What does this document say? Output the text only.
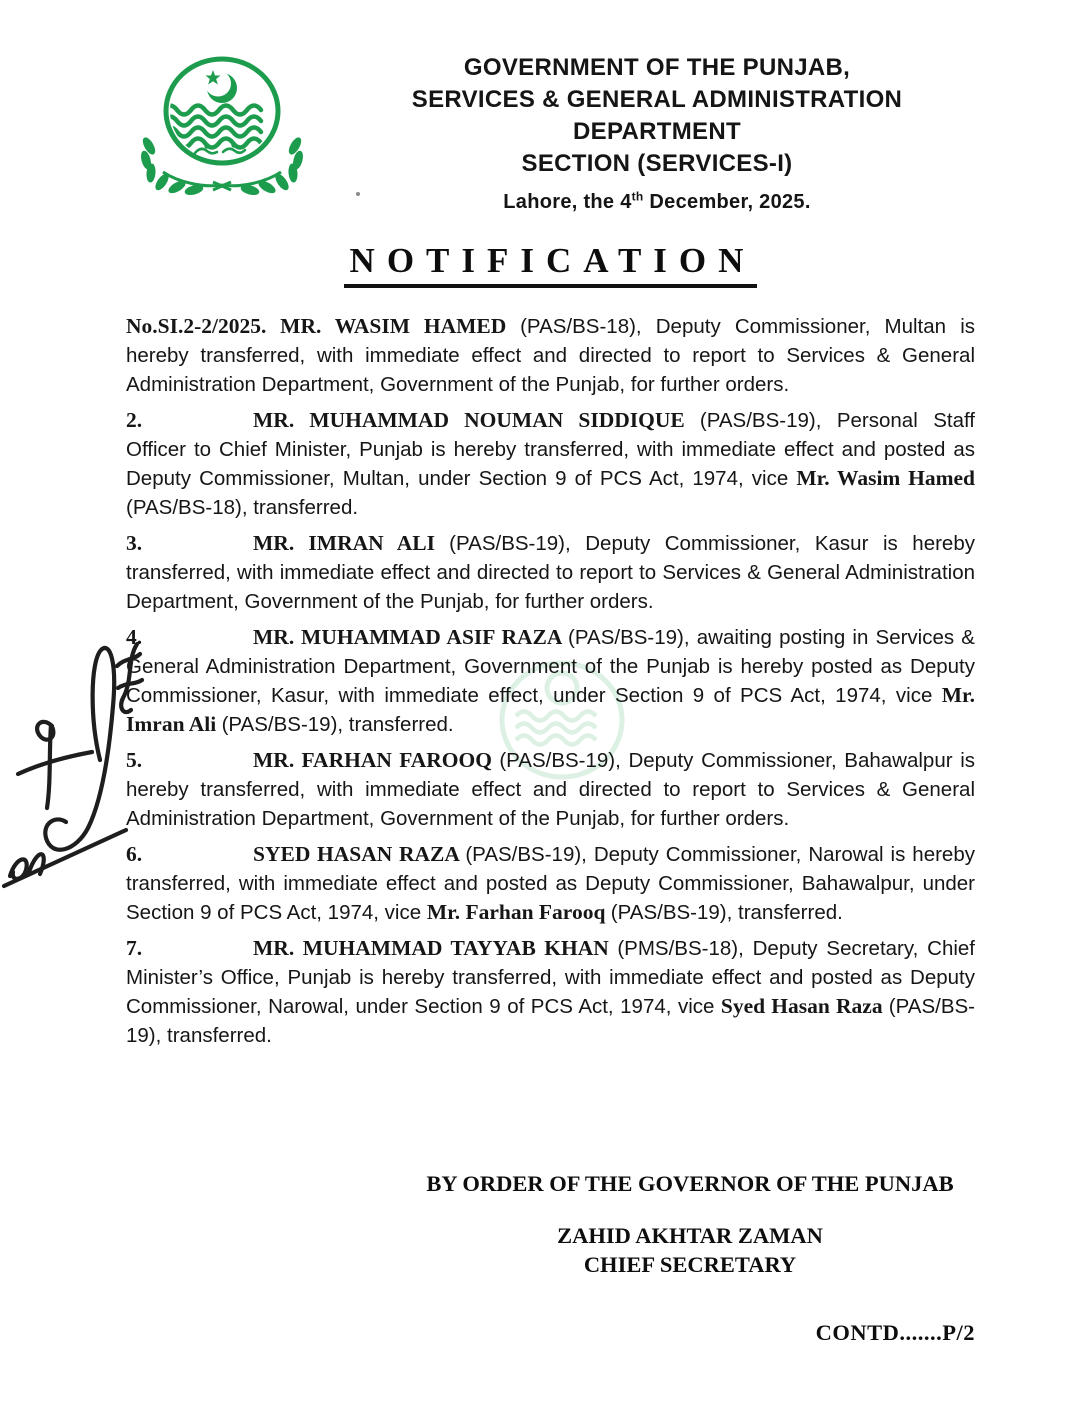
GOVERNMENT OF THE PUNJAB,
SERVICES & GENERAL ADMINISTRATION
DEPARTMENT
SECTION (SERVICES-I)
Lahore, the 4th December, 2025.
NOTIFICATION

No.SI.2-2/2025. MR. WASIM HAMED (PAS/BS-18), Deputy Commissioner, Multan is hereby transferred, with immediate effect and directed to report to Services & General Administration Department, Government of the Punjab, for further orders.

2.	MR. MUHAMMAD NOUMAN SIDDIQUE (PAS/BS-19), Personal Staff Officer to Chief Minister, Punjab is hereby transferred, with immediate effect and posted as Deputy Commissioner, Multan, under Section 9 of PCS Act, 1974, vice Mr. Wasim Hamed (PAS/BS-18), transferred.

3.	MR. IMRAN ALI (PAS/BS-19), Deputy Commissioner, Kasur is hereby transferred, with immediate effect and directed to report to Services & General Administration Department, Government of the Punjab, for further orders.

4.	MR. MUHAMMAD ASIF RAZA (PAS/BS-19), awaiting posting in Services & General Administration Department, Government of the Punjab is hereby posted as Deputy Commissioner, Kasur, with immediate effect, under Section 9 of PCS Act, 1974, vice Mr. Imran Ali (PAS/BS-19), transferred.

5.	MR. FARHAN FAROOQ (PAS/BS-19), Deputy Commissioner, Bahawalpur is hereby transferred, with immediate effect and directed to report to Services & General Administration Department, Government of the Punjab, for further orders.

6.	SYED HASAN RAZA (PAS/BS-19), Deputy Commissioner, Narowal is hereby transferred, with immediate effect and posted as Deputy Commissioner, Bahawalpur, under Section 9 of PCS Act, 1974, vice Mr. Farhan Farooq (PAS/BS-19), transferred.

7.	MR. MUHAMMAD TAYYAB KHAN (PMS/BS-18), Deputy Secretary, Chief Minister’s Office, Punjab is hereby transferred, with immediate effect and posted as Deputy Commissioner, Narowal, under Section 9 of PCS Act, 1974, vice Syed Hasan Raza (PAS/BS-19), transferred.

BY ORDER OF THE GOVERNOR OF THE PUNJAB
ZAHID AKHTAR ZAMAN
CHIEF SECRETARY
CONTD.......P/2
